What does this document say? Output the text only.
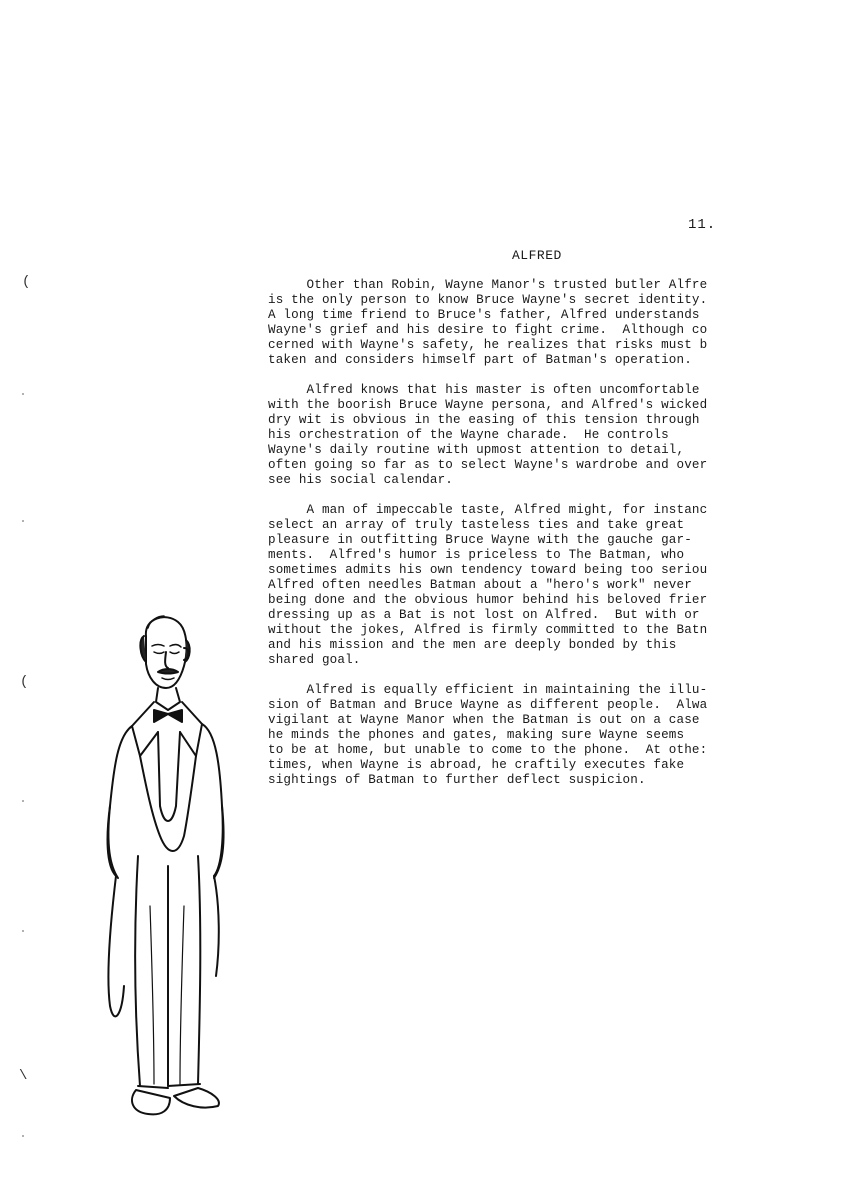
11.
ALFRED
Other than Robin, Wayne Manor's trusted butler Alfre
is the only person to know Bruce Wayne's secret identity.
A long time friend to Bruce's father, Alfred understands
Wayne's grief and his desire to fight crime.  Although co
cerned with Wayne's safety, he realizes that risks must b
taken and considers himself part of Batman's operation.
Alfred knows that his master is often uncomfortable
with the boorish Bruce Wayne persona, and Alfred's wicked
dry wit is obvious in the easing of this tension through
his orchestration of the Wayne charade.  He controls
Wayne's daily routine with upmost attention to detail,
often going so far as to select Wayne's wardrobe and over
see his social calendar.
A man of impeccable taste, Alfred might, for instanc
select an array of truly tasteless ties and take great
pleasure in outfitting Bruce Wayne with the gauche gar-
ments.  Alfred's humor is priceless to The Batman, who
sometimes admits his own tendency toward being too seriou
Alfred often needles Batman about a "hero's work" never
being done and the obvious humor behind his beloved frier
dressing up as a Bat is not lost on Alfred.  But with or
without the jokes, Alfred is firmly committed to the Batn
and his mission and the men are deeply bonded by this
shared goal.
Alfred is equally efficient in maintaining the illu-
sion of Batman and Bruce Wayne as different people.  Alwa
vigilant at Wayne Manor when the Batman is out on a case
he minds the phones and gates, making sure Wayne seems
to be at home, but unable to come to the phone.  At othe:
times, when Wayne is abroad, he craftily executes fake
sightings of Batman to further deflect suspicion.
(
(
\
